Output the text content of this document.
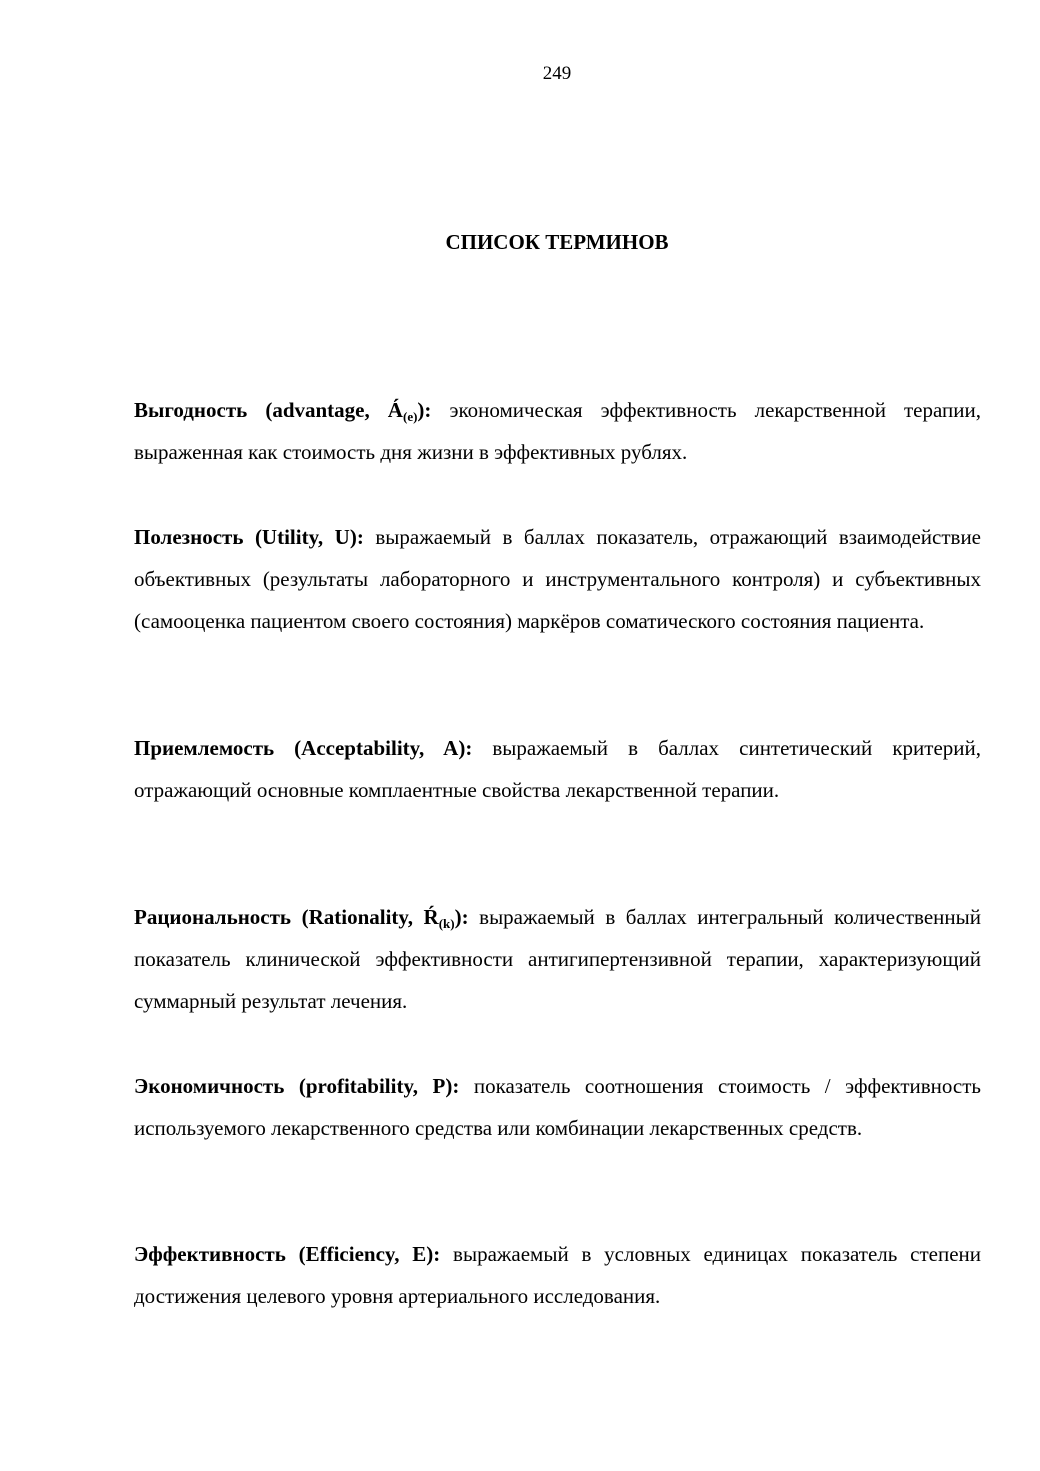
249
СПИСОК ТЕРМИНОВ

Выгодность (advantage, $Á_{(e)}$): экономическая эффективность лекарственной терапии, выраженная как стоимость дня жизни в эффективных рублях.

Полезность (Utility, U): выражаемый в баллах показатель, отражающий взаимодействие объективных (результаты лабораторного и инструментального контроля) и субъективных (самооценка пациентом своего состояния) маркёров соматического состояния пациента.

Приемлемость (Acceptability, A): выражаемый в баллах синтетический критерий, отражающий основные комплаентные свойства лекарственной терапии.

Рациональность (Rationality, $Ŕ_{(k)}$): выражаемый в баллах интегральный количественный показатель клинической эффективности антигипертензивной терапии, характеризующий суммарный результат лечения.

Экономичность (profitability, P): показатель соотношения стоимость / эффективность используемого лекарственного средства или комбинации лекарственных средств.

Эффективность (Efficiency, E): выражаемый в условных единицах показатель степени достижения целевого уровня артериального исследования.
